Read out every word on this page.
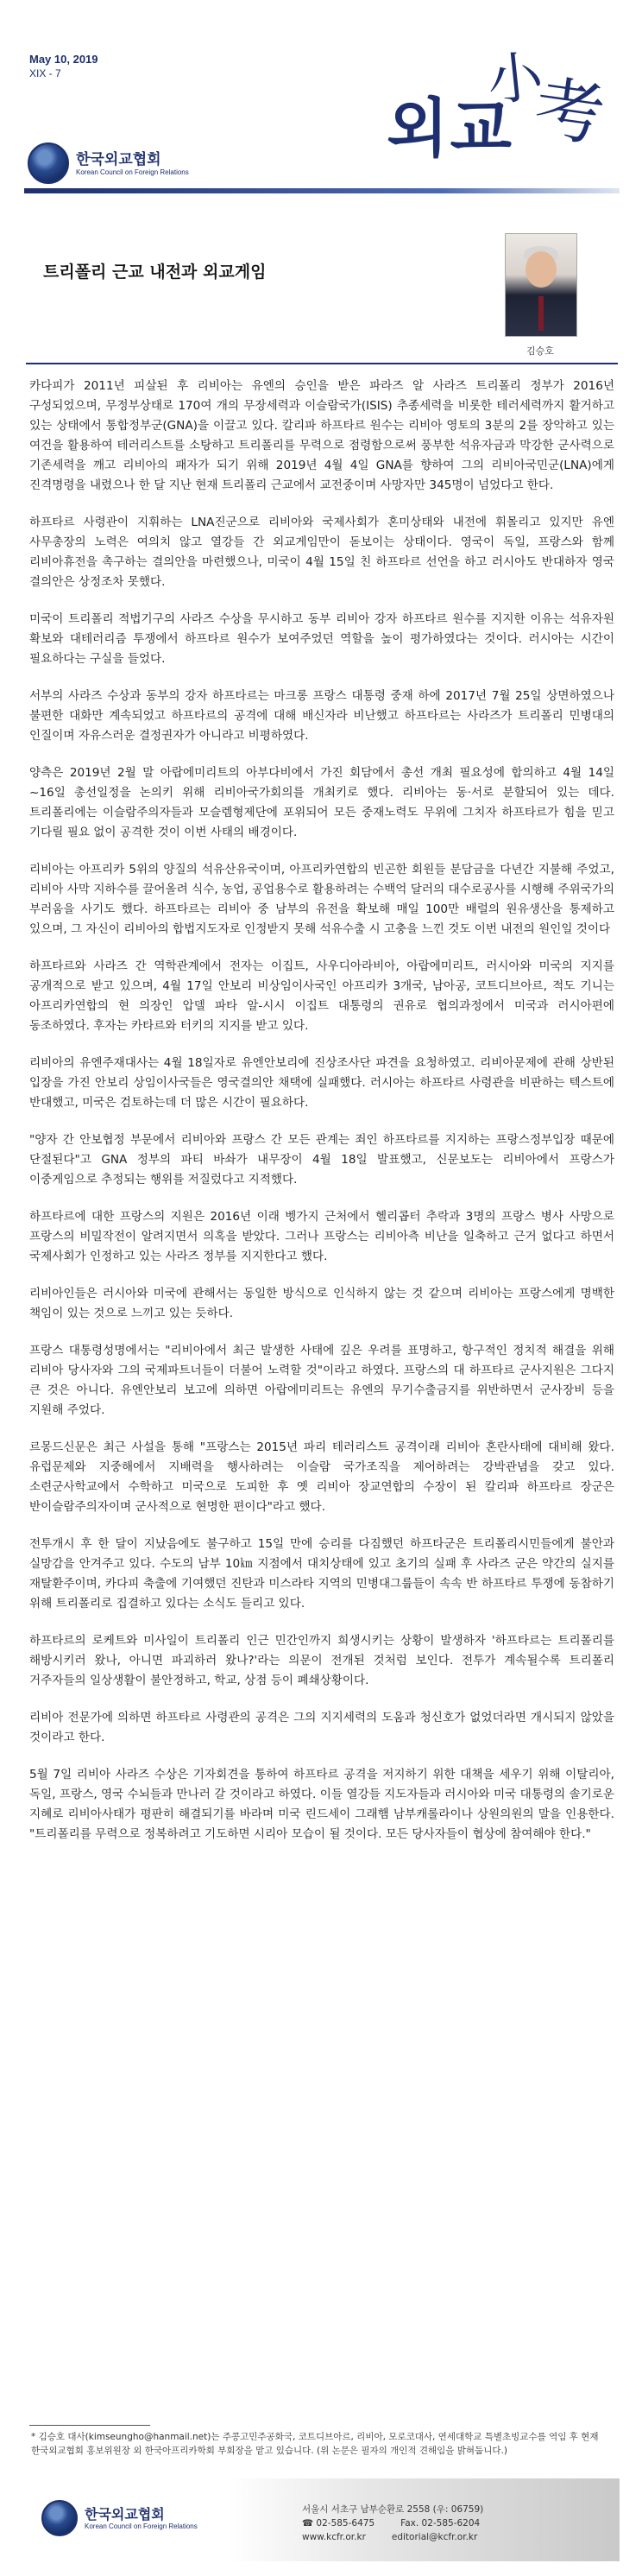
May 10, 2019
XIX - 7
한국외교협회
Korean Council on Foreign Relations
외교
小
考
트리폴리 근교 내전과 외교게임
김승호

카다피가 2011년 피살된 후 리비아는 유엔의 승인을 받은 파라즈 알 사라즈 트리폴리 정부가 2016년 구성되었으며, 무정부상태로 170여 개의 무장세력과 이슬람국가(ISIS) 추종세력을 비롯한 테러세력까지 활거하고 있는 상태에서 통합정부군(GNA)을 이끌고 있다. 칼리파 하프타르 원수는 리비아 영토의 3분의 2를 장악하고 있는 여건을 활용하여 테러리스트를 소탕하고 트리폴리를 무력으로 점령함으로써 풍부한 석유자금과 막강한 군사력으로 기존세력을 깨고 리비아의 패자가 되기 위해 2019년 4월 4일 GNA를 향하여 그의 리비아국민군(LNA)에게 진격명령을 내렸으나 한 달 지난 현재 트리폴리 근교에서 교전중이며 사망자만 345명이 넘었다고 한다.

하프타르 사령관이 지휘하는 LNA진군으로 리비아와 국제사회가 혼미상태와 내전에 휘몰리고 있지만 유엔 사무총장의 노력은 여의치 않고 열강들 간 외교게임만이 돋보이는 상태이다. 영국이 독일, 프랑스와 함께 리비아휴전을 촉구하는 결의안을 마련했으나, 미국이 4월 15일 친 하프타르 선언을 하고 러시아도 반대하자 영국 결의안은 상정조차 못했다.

미국이 트리폴리 적법기구의 사라즈 수상을 무시하고 동부 리비아 강자 하프타르 원수를 지지한 이유는 석유자원 확보와 대테러리즘 투쟁에서 하프타르 원수가 보여주었던 역할을 높이 평가하였다는 것이다. 러시아는 시간이 필요하다는 구실을 들었다.

서부의 사라즈 수상과 동부의 강자 하프타르는 마크롱 프랑스 대통령 중재 하에 2017년 7월 25일 상면하였으나 불편한 대화만 계속되었고 하프타르의 공격에 대해 배신자라 비난했고 하프타르는 사라즈가 트리폴리 민병대의 인질이며 자유스러운 결정권자가 아니라고 비평하였다.

양측은 2019년 2월 말 아랍에미리트의 아부다비에서 가진 회담에서 총선 개최 필요성에 합의하고 4월 14일~16일 총선일정을 논의키 위해 리비아국가회의를 개최키로 했다. 리비아는 동·서로 분할되어 있는 데다. 트리폴리에는 이슬람주의자들과 모슬렘형제단에 포위되어 모든 중재노력도 무위에 그치자 하프타르가 힘을 믿고 기다릴 필요 없이 공격한 것이 이번 사태의 배경이다.

리비아는 아프리카 5위의 양질의 석유산유국이며, 아프리카연합의 빈곤한 회원들 분담금을 다년간 지불해 주었고, 리비아 사막 지하수를 끌어올려 식수, 농업, 공업용수로 활용하려는 수백억 달러의 대수로공사를 시행해 주위국가의 부러움을 사기도 했다. 하프타르는 리비아 중 남부의 유전을 확보해 매일 100만 배럴의 원유생산을 통제하고 있으며, 그 자신이 리비아의 합법지도자로 인정받지 못해 석유수출 시 고충을 느낀 것도 이번 내전의 원인일 것이다

하프타르와 사라즈 간 역학관계에서 전자는 이집트, 사우디아라비아, 아랍에미리트, 러시아와 미국의 지지를 공개적으로 받고 있으며, 4월 17일 안보리 비상임이사국인 아프리카 3개국, 남아공, 코트디브아르, 적도 기니는 아프리카연합의 현 의장인 압델 파타 알-시시 이집트 대통령의 권유로 협의과정에서 미국과 러시아편에 동조하였다. 후자는 카타르와 터키의 지지를 받고 있다.

리비아의 유엔주재대사는 4월 18일자로 유엔안보리에 진상조사단 파견을 요청하였고. 리비아문제에 관해 상반된 입장을 가진 안보리 상임이사국들은 영국결의안 채택에 실패했다. 러시아는 하프타르 사령관을 비판하는 텍스트에 반대했고, 미국은 검토하는데 더 많은 시간이 필요하다.

"양자 간 안보협정 부문에서 리비아와 프랑스 간 모든 관계는 죄인 하프타르를 지지하는 프랑스정부입장 때문에 단절된다"고 GNA 정부의 파티 바솨가 내무장이 4월 18일 발표했고, 신문보도는 리비아에서 프랑스가 이중게임으로 추정되는 행위를 저질렀다고 지적했다.

하프타르에 대한 프랑스의 지원은 2016년 이래 벵가지 근처에서 헬리콥터 추락과 3명의 프랑스 병사 사망으로 프랑스의 비밀작전이 알려지면서 의혹을 받았다. 그러나 프랑스는 리비아측 비난을 일축하고 근거 없다고 하면서 국제사회가 인정하고 있는 사라즈 정부를 지지한다고 했다.

리비아인들은 러시아와 미국에 관해서는 동일한 방식으로 인식하지 않는 것 같으며 리비아는 프랑스에게 명백한 책임이 있는 것으로 느끼고 있는 듯하다.

프랑스 대통령성명에서는 "리비아에서 최근 발생한 사태에 깊은 우려를 표명하고, 항구적인 정치적 해결을 위해 리비아 당사자와 그의 국제파트너들이 더불어 노력할 것"이라고 하였다. 프랑스의 대 하프타르 군사지원은 그다지 큰 것은 아니다. 유엔안보리 보고에 의하면 아랍에미리트는 유엔의 무기수출금지를 위반하면서 군사장비 등을 지원해 주었다.

르몽드신문은 최근 사설을 통해 "프랑스는 2015년 파리 테러리스트 공격이래 리비아 혼란사태에 대비해 왔다. 유럽문제와 지중해에서 지배력을 행사하려는 이슬람 국가조직을 제어하려는 강박관념을 갖고 있다. 소련군사학교에서 수학하고 미국으로 도피한 후 옛 리비아 장교연합의 수장이 된 칼리파 하프타르 장군은 반이슬람주의자이며 군사적으로 현명한 편이다"라고 했다.

전투개시 후 한 달이 지났음에도 불구하고 15일 만에 승리를 다짐했던 하프타군은 트리폴리시민들에게 불안과 실망감을 안겨주고 있다. 수도의 남부 10㎞ 지점에서 대치상태에 있고 초기의 실패 후 사라즈 군은 약간의 실지를 재탈환주이며, 카다피 축출에 기여했던 진탄과 미스라타 지역의 민병대그룹들이 속속 반 하프타르 투쟁에 동참하기 위해 트리폴리로 집결하고 있다는 소식도 들리고 있다.

하프타르의 로케트와 미사일이 트리폴리 인근 민간인까지 희생시키는 상황이 발생하자 '하프타르는 트리폴리를 해방시키러 왔나, 아니면 파괴하러 왔나?'라는 의문이 전개된 것처럼 보인다. 전투가 계속될수록 트리폴리 거주자들의 일상생활이 불안정하고, 학교, 상점 등이 폐쇄상황이다.

리비아 전문가에 의하면 하프타르 사령관의 공격은 그의 지지세력의 도움과 청신호가 없었더라면 개시되지 않았을 것이라고 한다.

5월 7일 리비아 사라즈 수상은 기자회견을 통하여 하프타르 공격을 저지하기 위한 대책을 세우기 위해 이탈리아, 독일, 프랑스, 영국 수뇌들과 만나러 갈 것이라고 하였다. 이들 열강들 지도자들과 러시아와 미국 대통령의 솔기로운 지혜로 리비아사태가 평판히 해결되기를 바라며 미국 린드세이 그래햄 남부캐롤라이나 상원의원의 말을 인용한다. "트리폴리를 무력으로 정복하려고 기도하면 시리아 모습이 될 것이다. 모든 당사자들이 협상에 참여해야 한다."

* 김승호 대사(kimseungho@hanmail.net)는 주콩고민주공화국, 코트디브아르, 리비아, 모로코대사, 연세대학교 특별초빙교수를 역임 후 현재 한국외교협회 홍보위원장 외 한국아프리카학회 부회장을 맡고 있습니다. (위 논문은 필자의 개인적 견해임을 밝혀둡니다.)
한국외교협회
Korean Council on Foreign Relations
서울시 서초구 남부순환로 2558 (우: 06759)
☎ 02-585-6475	Fax. 02-585-6204
www.kcfr.or.kr	editorial@kcfr.or.kr
